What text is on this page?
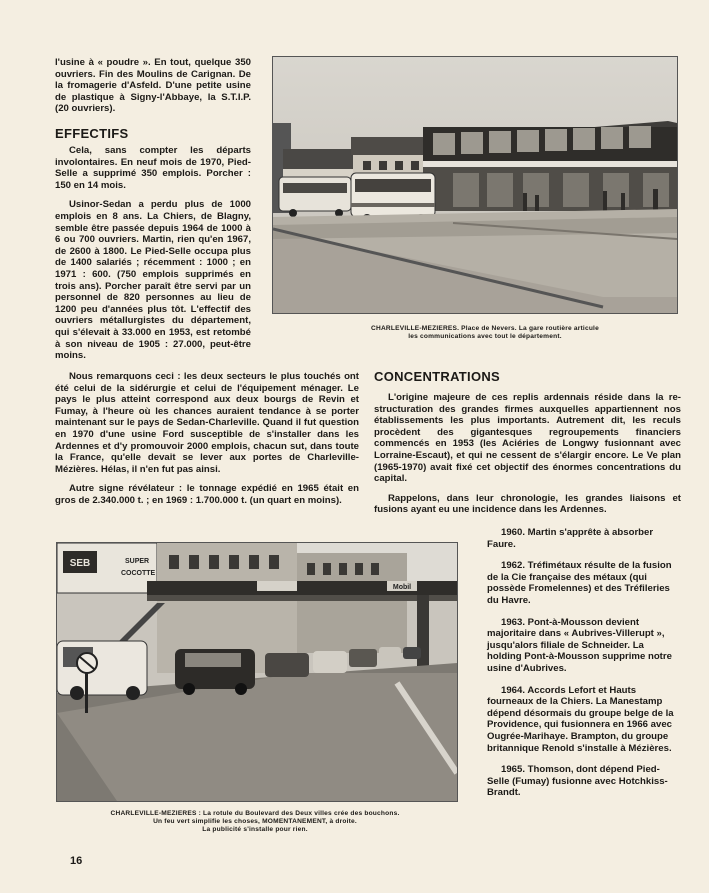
l'usine à « poudre ». En tout, quelque 350 ouvriers. Fin des Moulins de Carignan. De la fromagerie d'Asfeld. D'une petite usine de plastique à Signy-l'Abbaye, la S.T.I.P. (20 ouvriers).

EFFECTIFS

Cela, sans compter les départs involontaires. En neuf mois de 1970, Pied-Selle a supprimé 350 emplois. Porcher : 150 en 14 mois.

Usinor-Sedan a perdu plus de 1000 emplois en 8 ans. La Chiers, de Blagny, semble être passée depuis 1964 de 1000 à 6 ou 700 ouvriers. Martin, rien qu'en 1967, de 2600 à 1800. Le Pied-Selle occupa plus de 1400 salariés ; récemment : 1000 ; en 1971 : 600. (750 emplois supprimés en trois ans). Porcher paraît être servi par un personnel de 820 personnes au lieu de 1200 peu d'années plus tôt. L'effectif des ouvriers métallurgistes du département, qui s'élevait à 33.000 en 1953, est retombé à son niveau de 1905 : 27.000, peut-être moins.

CHARLEVILLE-MEZIERES. Place de Nevers. La gare routière articule
les communications avec tout le département.

Nous remarquons ceci : les deux secteurs le plus touchés ont été celui de la sidérurgie et celui de l'équipement ménager. Le pays le plus atteint correspond aux deux bourgs de Revin et Fumay, à l'heure où les chances auraient tendance à se porter maintenant sur le pays de Sedan-Charleville. Quand il fut question en 1970 d'une usine Ford susceptible de s'installer dans les Ardennes et d'y promouvoir 2000 emplois, chacun sut, dans toute la France, qu'elle devait se lever aux portes de Charleville-Mézières. Hélas, il n'en fut pas ainsi.

Autre signe révélateur : le tonnage expédié en 1965 était en gros de 2.340.000 t. ; en 1969 : 1.700.000 t. (un quart en moins).

CONCENTRATIONS

L'origine majeure de ces replis ardennais réside dans la re-structuration des grandes firmes auxquelles appartiennent nos établissements les plus importants. Autrement dit, les reculs procèdent des gigantesques regroupements financiers commencés en 1953 (les Aciéries de Longwy fusionnant avec Lorraine-Escaut), et qui ne cessent de s'élargir encore. Le Ve plan (1965-1970) avait fixé cet objectif des énormes concentrations du capital.

Rappelons, dans leur chronologie, les grandes liaisons et fusions ayant eu une incidence dans les Ardennes.

SEB	SUPER
COCOTTE
Mobil
CHARLEVILLE-MEZIERES : La rotule du Boulevard des Deux villes crée des bouchons.
Un feu vert simplifie les choses, MOMENTANEMENT, à droite.
La publicité s'installe pour rien.

1960. Martin s'apprête à absorber Faure.

1962. Tréfimétaux résulte de la fusion de la Cie française des métaux (qui possède Fromelennes) et des Tréfileries du Havre.

1963. Pont-à-Mousson devient majoritaire dans « Aubrives-Villerupt », jusqu'alors filiale de Schneider. La holding Pont-à-Mousson supprime notre usine d'Aubrives.

1964. Accords Lefort et Hauts fourneaux de la Chiers. La Manestamp dépend désormais du groupe belge de la Providence, qui fusionnera en 1966 avec Ougrée-Marihaye. Brampton, du groupe britannique Renold s'installe à Mézières.

1965. Thomson, dont dépend Pied-Selle (Fumay) fusionne avec Hotchkiss-Brandt.

16
